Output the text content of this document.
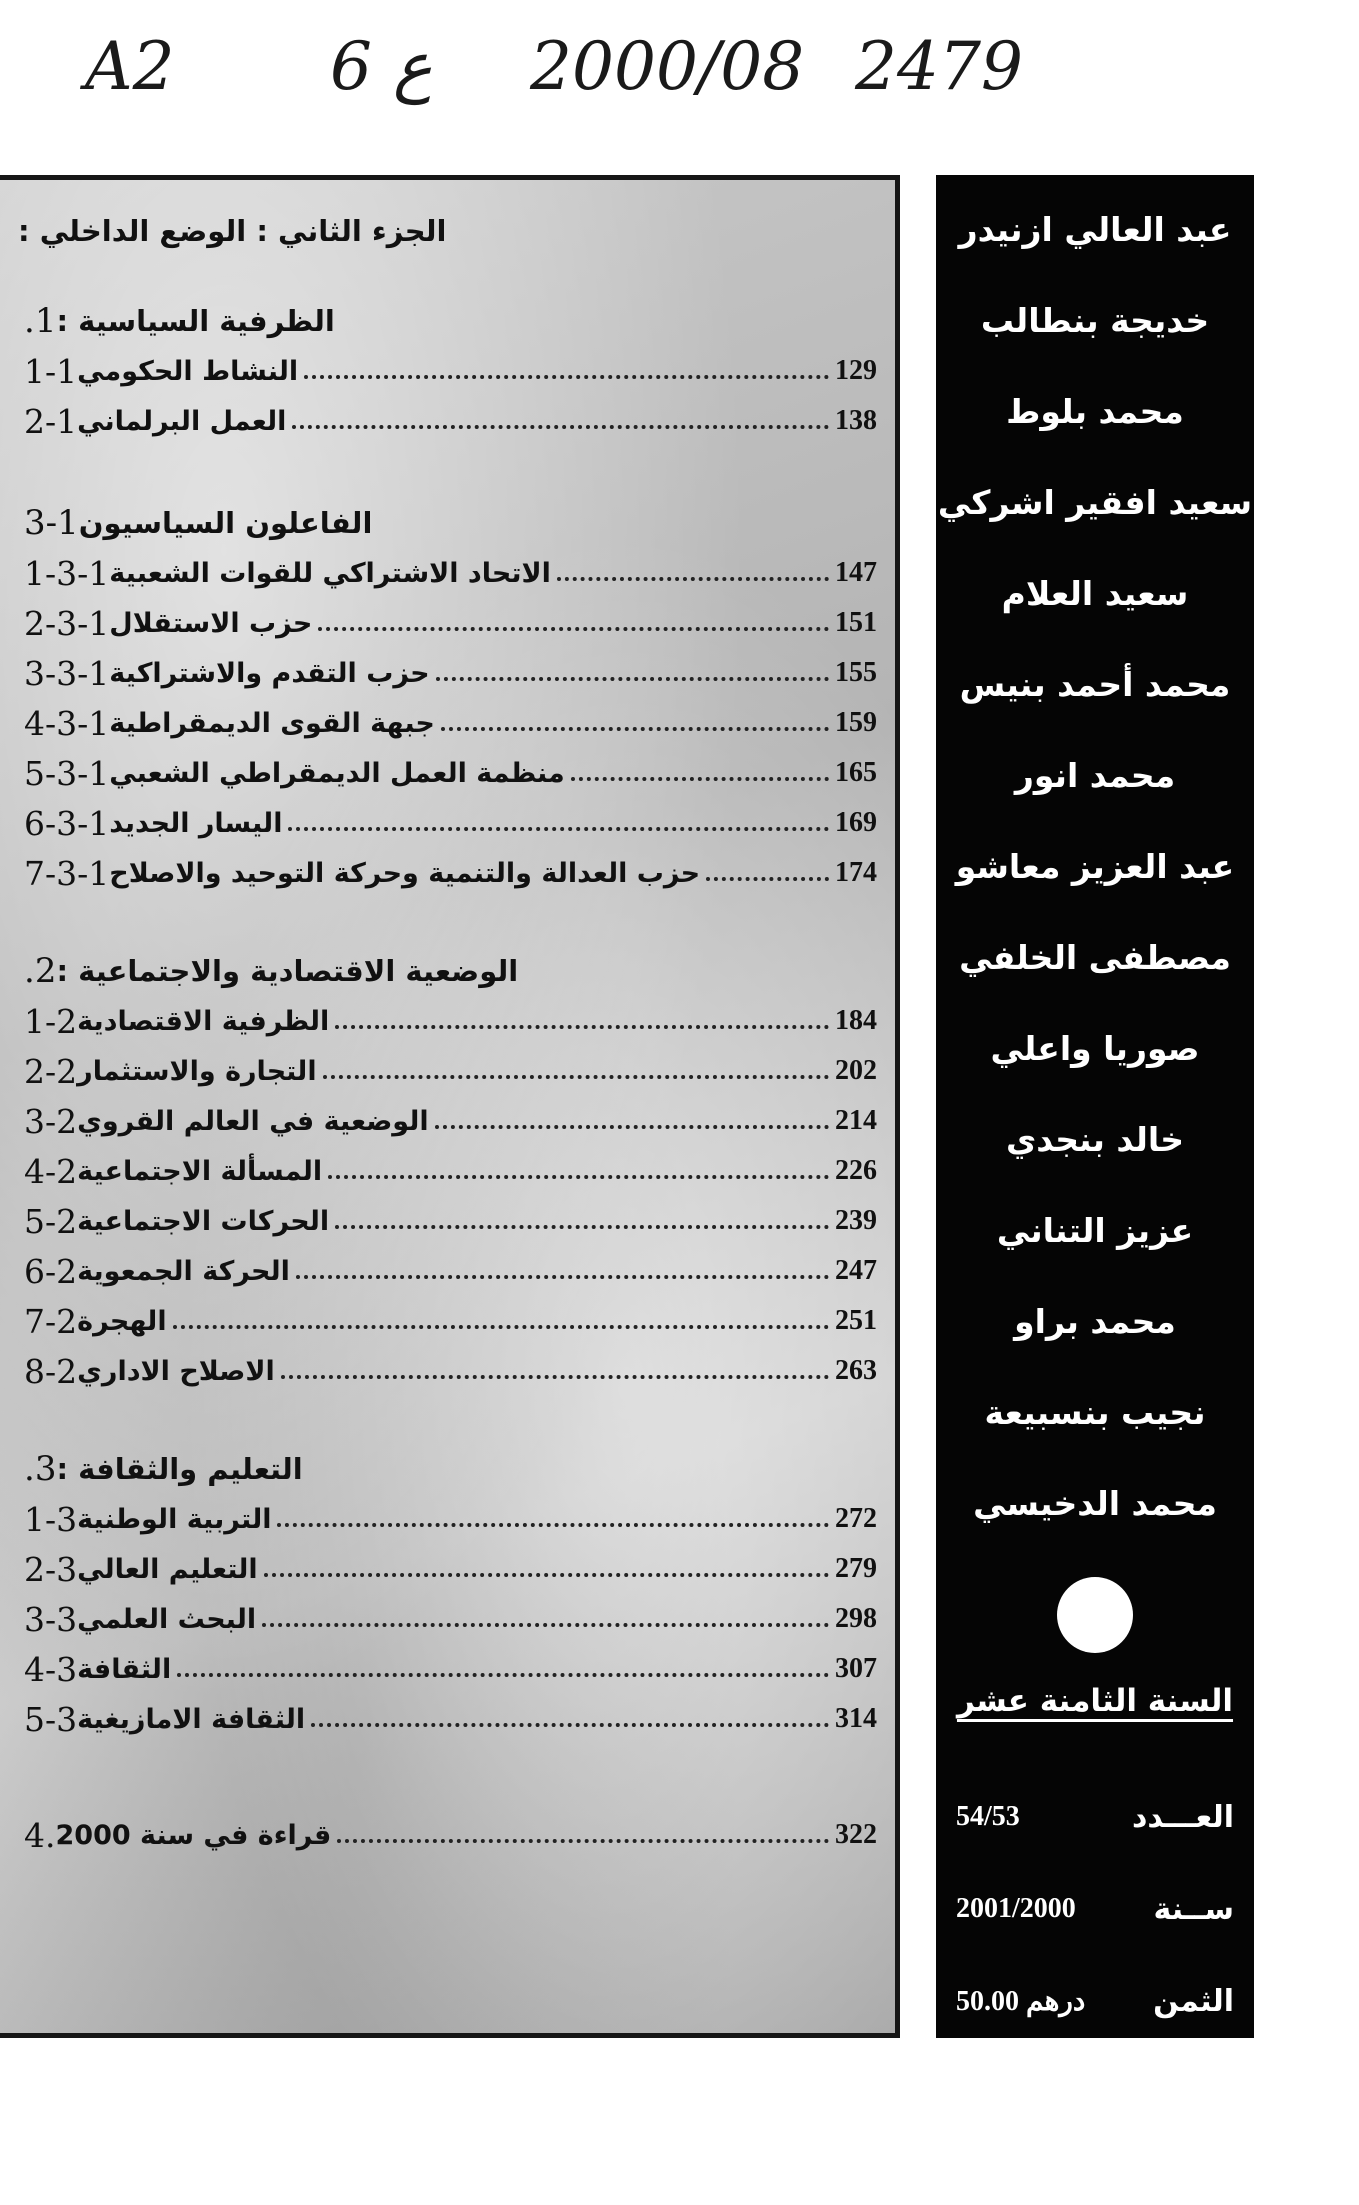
A2 6 ع 2000/08 2479
الجزء الثاني : الوضع الداخلي :
1. الظرفية السياسية :
1-1 النشاط الحكومي	129
2-1 العمل البرلماني	138
3-1 الفاعلون السياسيون
1-3-1 الاتحاد الاشتراكي للقوات الشعبية	147
2-3-1 حزب الاستقلال	151
3-3-1 حزب التقدم والاشتراكية	155
4-3-1 جبهة القوى الديمقراطية	159
5-3-1 منظمة العمل الديمقراطي الشعبي	165
6-3-1 اليسار الجديد	169
7-3-1 حزب العدالة والتنمية وحركة التوحيد والاصلاح	174
2. الوضعية الاقتصادية والاجتماعية :
1-2 الظرفية الاقتصادية	184
2-2 التجارة والاستثمار	202
3-2 الوضعية في العالم القروي	214
4-2 المسألة الاجتماعية	226
5-2 الحركات الاجتماعية	239
6-2 الحركة الجمعوية	247
7-2 الهجرة	251
8-2 الاصلاح الاداري	263
3. التعليم والثقافة :
1-3 التربية الوطنية	272
2-3 التعليم العالي	279
3-3 البحث العلمي	298
4-3 الثقافة	307
5-3 الثقافة الامازيغية	314
4. قراءة في سنة 2000	322
عبد العالي ازنيدر
خديجة بنطالب
محمد بلوط
سعيد افقير اشركي
سعيد العلام
محمد أحمد بنيس
محمد انور
عبد العزيز معاشو
مصطفى الخلفي
صوريا واعلي
خالد بنجدي
عزيز التناني
محمد براو
نجيب بنسبيعة
محمد الدخيسي
السنة الثامنة عشر
العـــدد
54/53
ســنة
2001/2000
الثمن
50.00 درهم
